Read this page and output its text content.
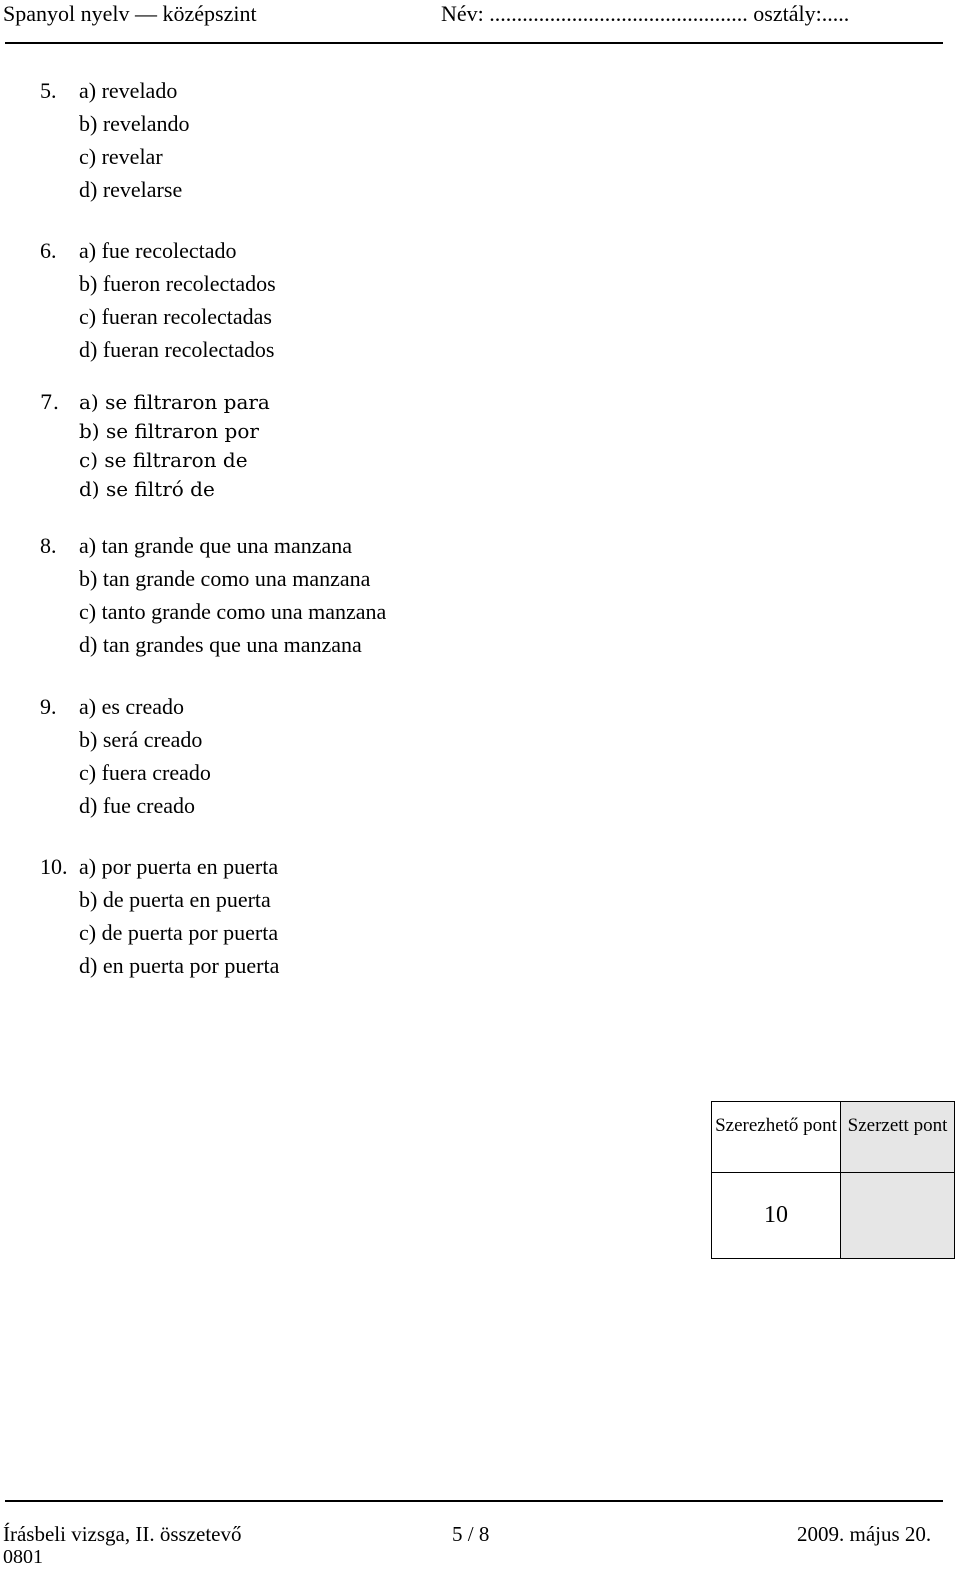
Spanyol nyelv — középszint	Név: ............................................... osztály:.....
5. a) revelado
b) revelando
c) revelar
d) revelarse
6. a) fue recolectado
b) fueron recolectados
c) fueran recolectadas
d) fueran recolectados
7. a) se filtraron para
b) se filtraron por
c) se filtraron de
d) se filtró de
8. a) tan grande que una manzana
b) tan grande como una manzana
c) tanto grande como una manzana
d) tan grandes que una manzana
9. a) es creado
b) será creado
c) fuera creado
d) fue creado
10. a) por puerta en puerta
b) de puerta en puerta
c) de puerta por puerta
d) en puerta por puerta
Szerezhető pont Szerzett pont
10
Írásbeli vizsga, II. összetevő
0801
5 / 8	2009. május 20.
